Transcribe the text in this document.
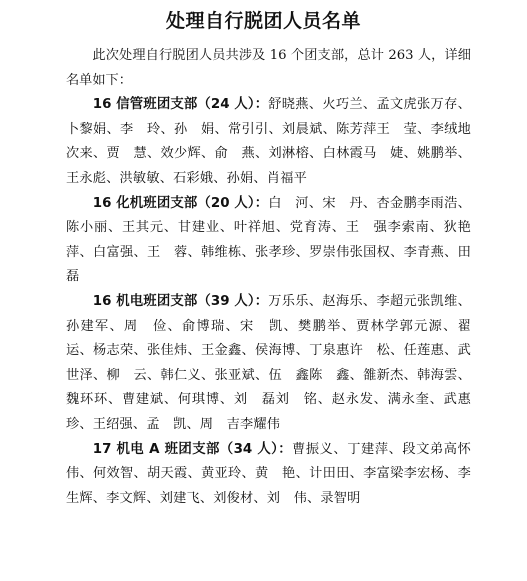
处理自行脱团人员名单

此次处理自行脱团人员共涉及 16 个团支部，总计 263 人，详细名单如下：

16 信管班团支部（24 人）：舒晓燕、火巧兰、孟文虎张万存、卜黎娟、李　玲、孙　娟、常引引、刘晨斌、陈芳萍王　莹、李绒地次来、贾　慧、效少辉、俞　燕、刘淋榕、白林霞马　婕、姚鹏举、王永彪、洪敏敏、石彩娥、孙娟、肖福平

16 化机班团支部（20 人）：白　河、宋　丹、杏金鹏李雨浩、陈小丽、王其元、甘建业、叶祥旭、党育涛、王　强李索南、狄艳萍、白富强、王　蓉、韩维栋、张孝珍、罗崇伟张国权、李青燕、田　磊

16 机电班团支部（39 人）：万乐乐、赵海乐、李超元张凯维、孙建军、周　俭、俞博瑞、宋　凯、樊鹏举、贾林学郭元源、翟　运、杨志荣、张佳炜、王金鑫、侯海博、丁泉惠许　松、任莲惠、武世泽、柳　云、韩仁义、张亚斌、伍　鑫陈　鑫、雒新杰、韩海雲、魏环环、曹建斌、何琪博、刘　磊刘　铭、赵永发、满永奎、武惠珍、王绍强、孟　凯、周　吉李耀伟

17 机电 A 班团支部（34 人）：曹振义、丁建萍、段文弟高怀伟、何效智、胡天霞、黄亚玲、黄　艳、计田田、李富梁李宏杨、李生辉、李文辉、刘建飞、刘俊材、刘　伟、录智明
